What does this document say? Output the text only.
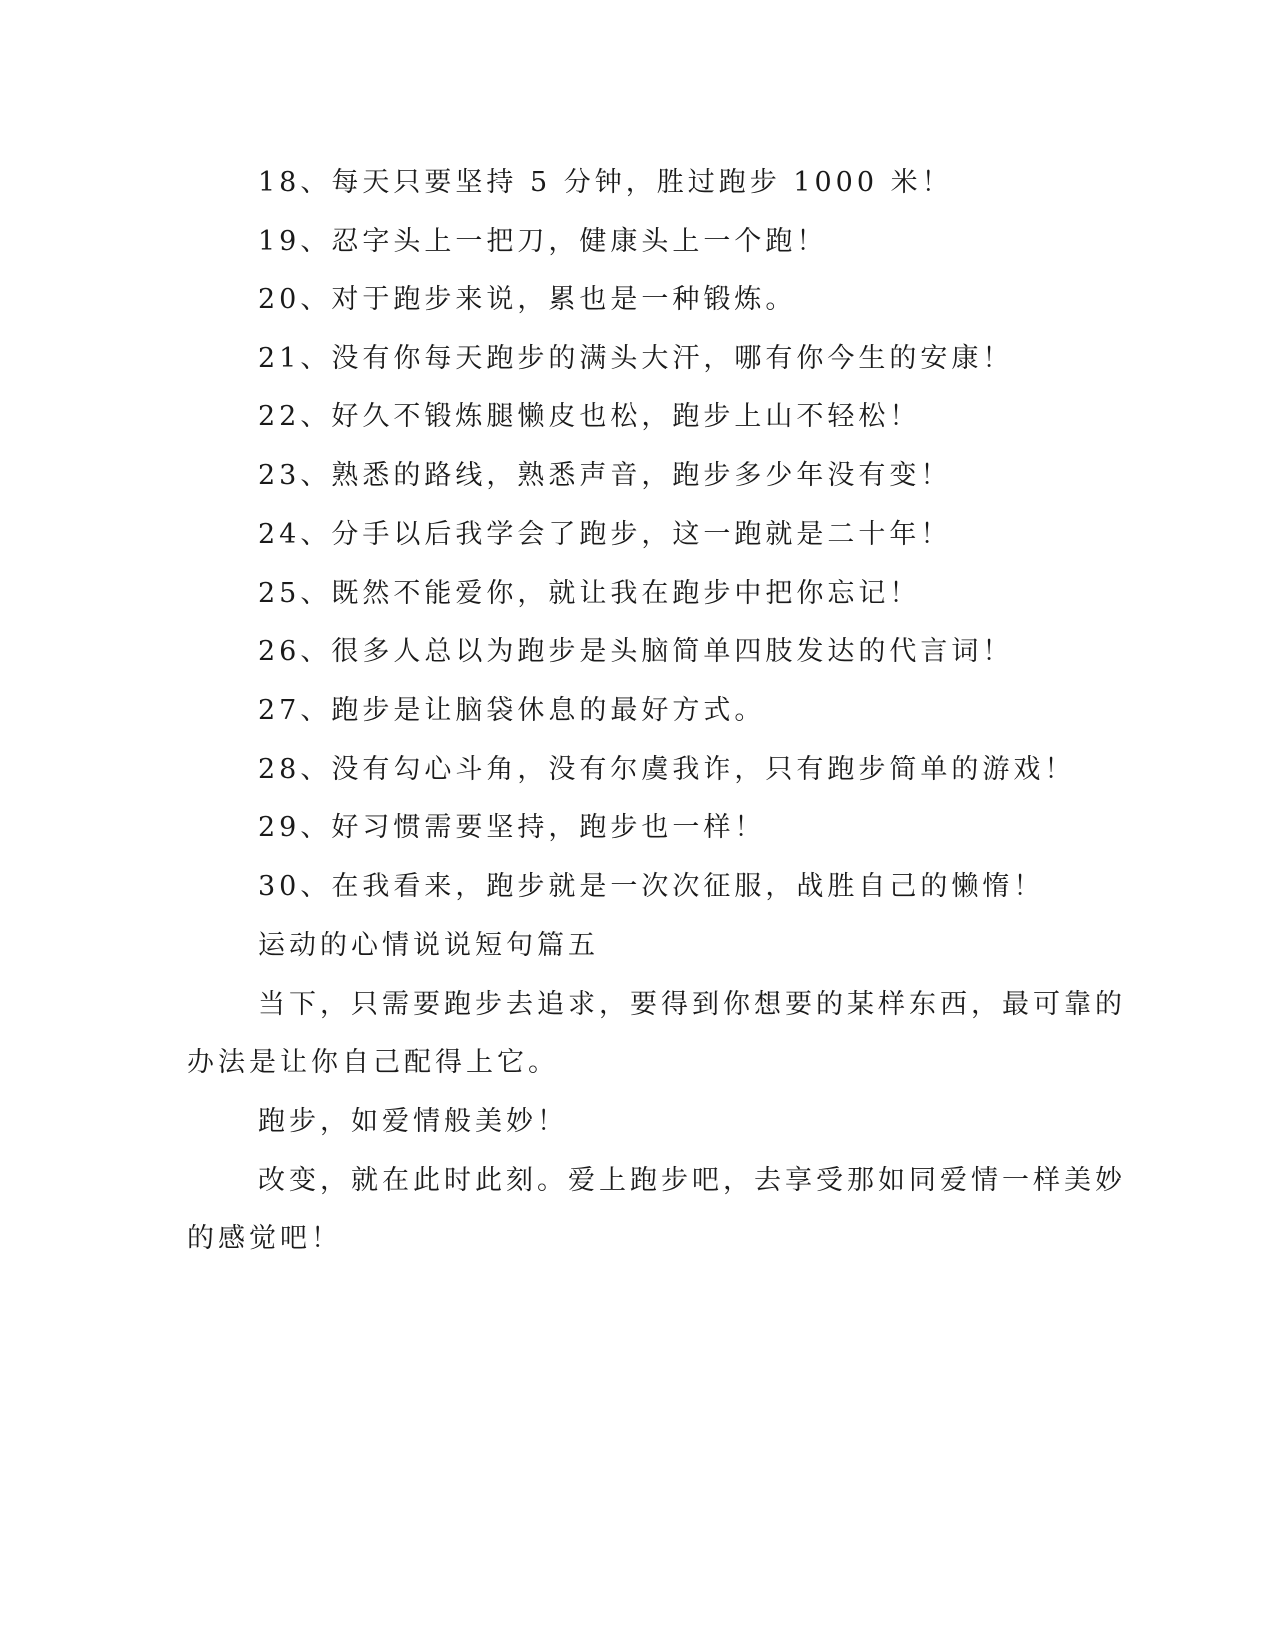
18、每天只要坚持 5 分钟，胜过跑步 1000 米！
19、忍字头上一把刀，健康头上一个跑！
20、对于跑步来说，累也是一种锻炼。
21、没有你每天跑步的满头大汗，哪有你今生的安康！
22、好久不锻炼腿懒皮也松，跑步上山不轻松！
23、熟悉的路线，熟悉声音，跑步多少年没有变！
24、分手以后我学会了跑步，这一跑就是二十年！
25、既然不能爱你，就让我在跑步中把你忘记！
26、很多人总以为跑步是头脑简单四肢发达的代言词！
27、跑步是让脑袋休息的最好方式。
28、没有勾心斗角，没有尔虞我诈，只有跑步简单的游戏！
29、好习惯需要坚持，跑步也一样！
30、在我看来，跑步就是一次次征服，战胜自己的懒惰！
运动的心情说说短句篇五
当下，只需要跑步去追求，要得到你想要的某样东西，最可靠的
办法是让你自己配得上它。
跑步，如爱情般美妙！
改变，就在此时此刻。爱上跑步吧，去享受那如同爱情一样美妙
的感觉吧！
